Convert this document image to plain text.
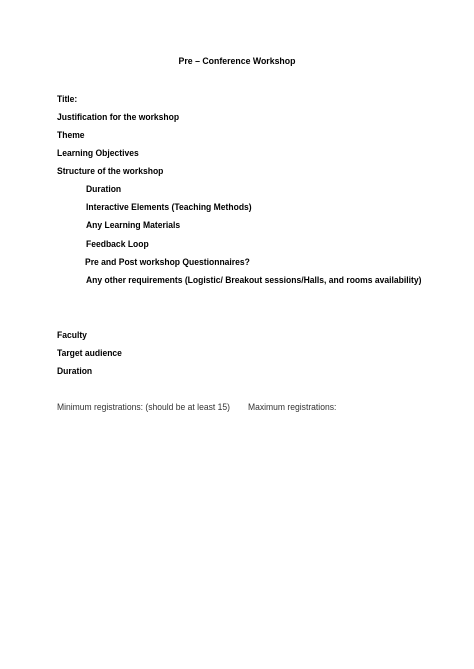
Pre – Conference Workshop
Title:
Justification for the workshop
Theme
Learning Objectives
Structure of the workshop
Duration
Interactive Elements (Teaching Methods)
Any Learning Materials
Feedback Loop
Pre and Post workshop Questionnaires?
Any other requirements (Logistic/ Breakout sessions/Halls, and rooms availability)
Faculty
Target audience
Duration
Minimum registrations: (should be at least 15) Maximum registrations:
